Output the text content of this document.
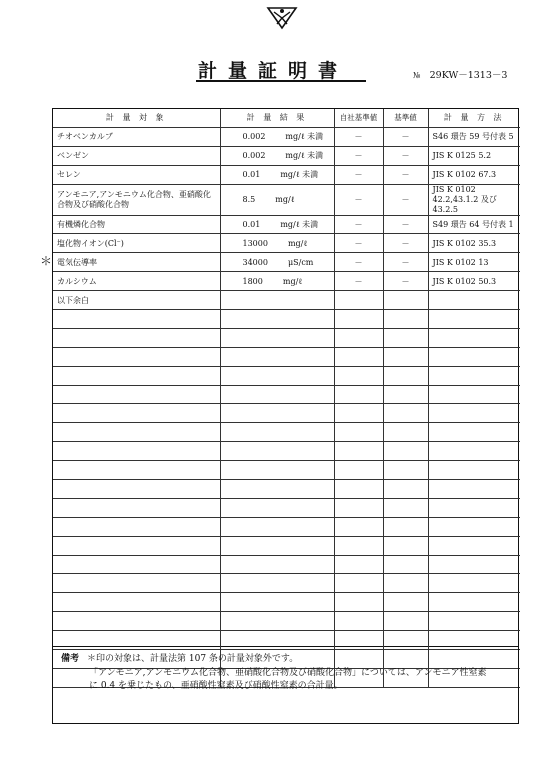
計量証明書	№ 29KW－1313－3
計 量 対 象	計 量 結 果	自社基準値	基準値	計 量 方 法
チオベンカルブ	0.002 mg/ℓ 未満	－	－	S46 環告 59 号付表 5
ベンゼン	0.002 mg/ℓ 未満	－	－	JIS K 0125 5.2
セレン	0.01 mg/ℓ 未満	－	－	JIS K 0102 67.3
アンモニア,アンモニウム化合物、亜硝酸化合物及び硝酸化合物	8.5 mg/ℓ	－	－	JIS K 0102 42.2,43.1.2 及び 43.2.5
有機燐化合物	0.01 mg/ℓ 未満	－	－	S49 環告 64 号付表 1
塩化物イオン(Cl⁻)	13000 mg/ℓ	－	－	JIS K 0102 35.3
電気伝導率	34000 μS/cm	－	－	JIS K 0102 13
カルシウム	1800 mg/ℓ	－	－	JIS K 0102 50.3
以下余白				

＊
備考 ＊印の対象は、計量法第 107 条の計量対象外です。
「アンモニア,アンモニウム化合物、亜硝酸化合物及び硝酸化合物」については、アンモニア性窒素
に 0.4 を乗じたもの、亜硝酸性窒素及び硝酸性窒素の合計量。
